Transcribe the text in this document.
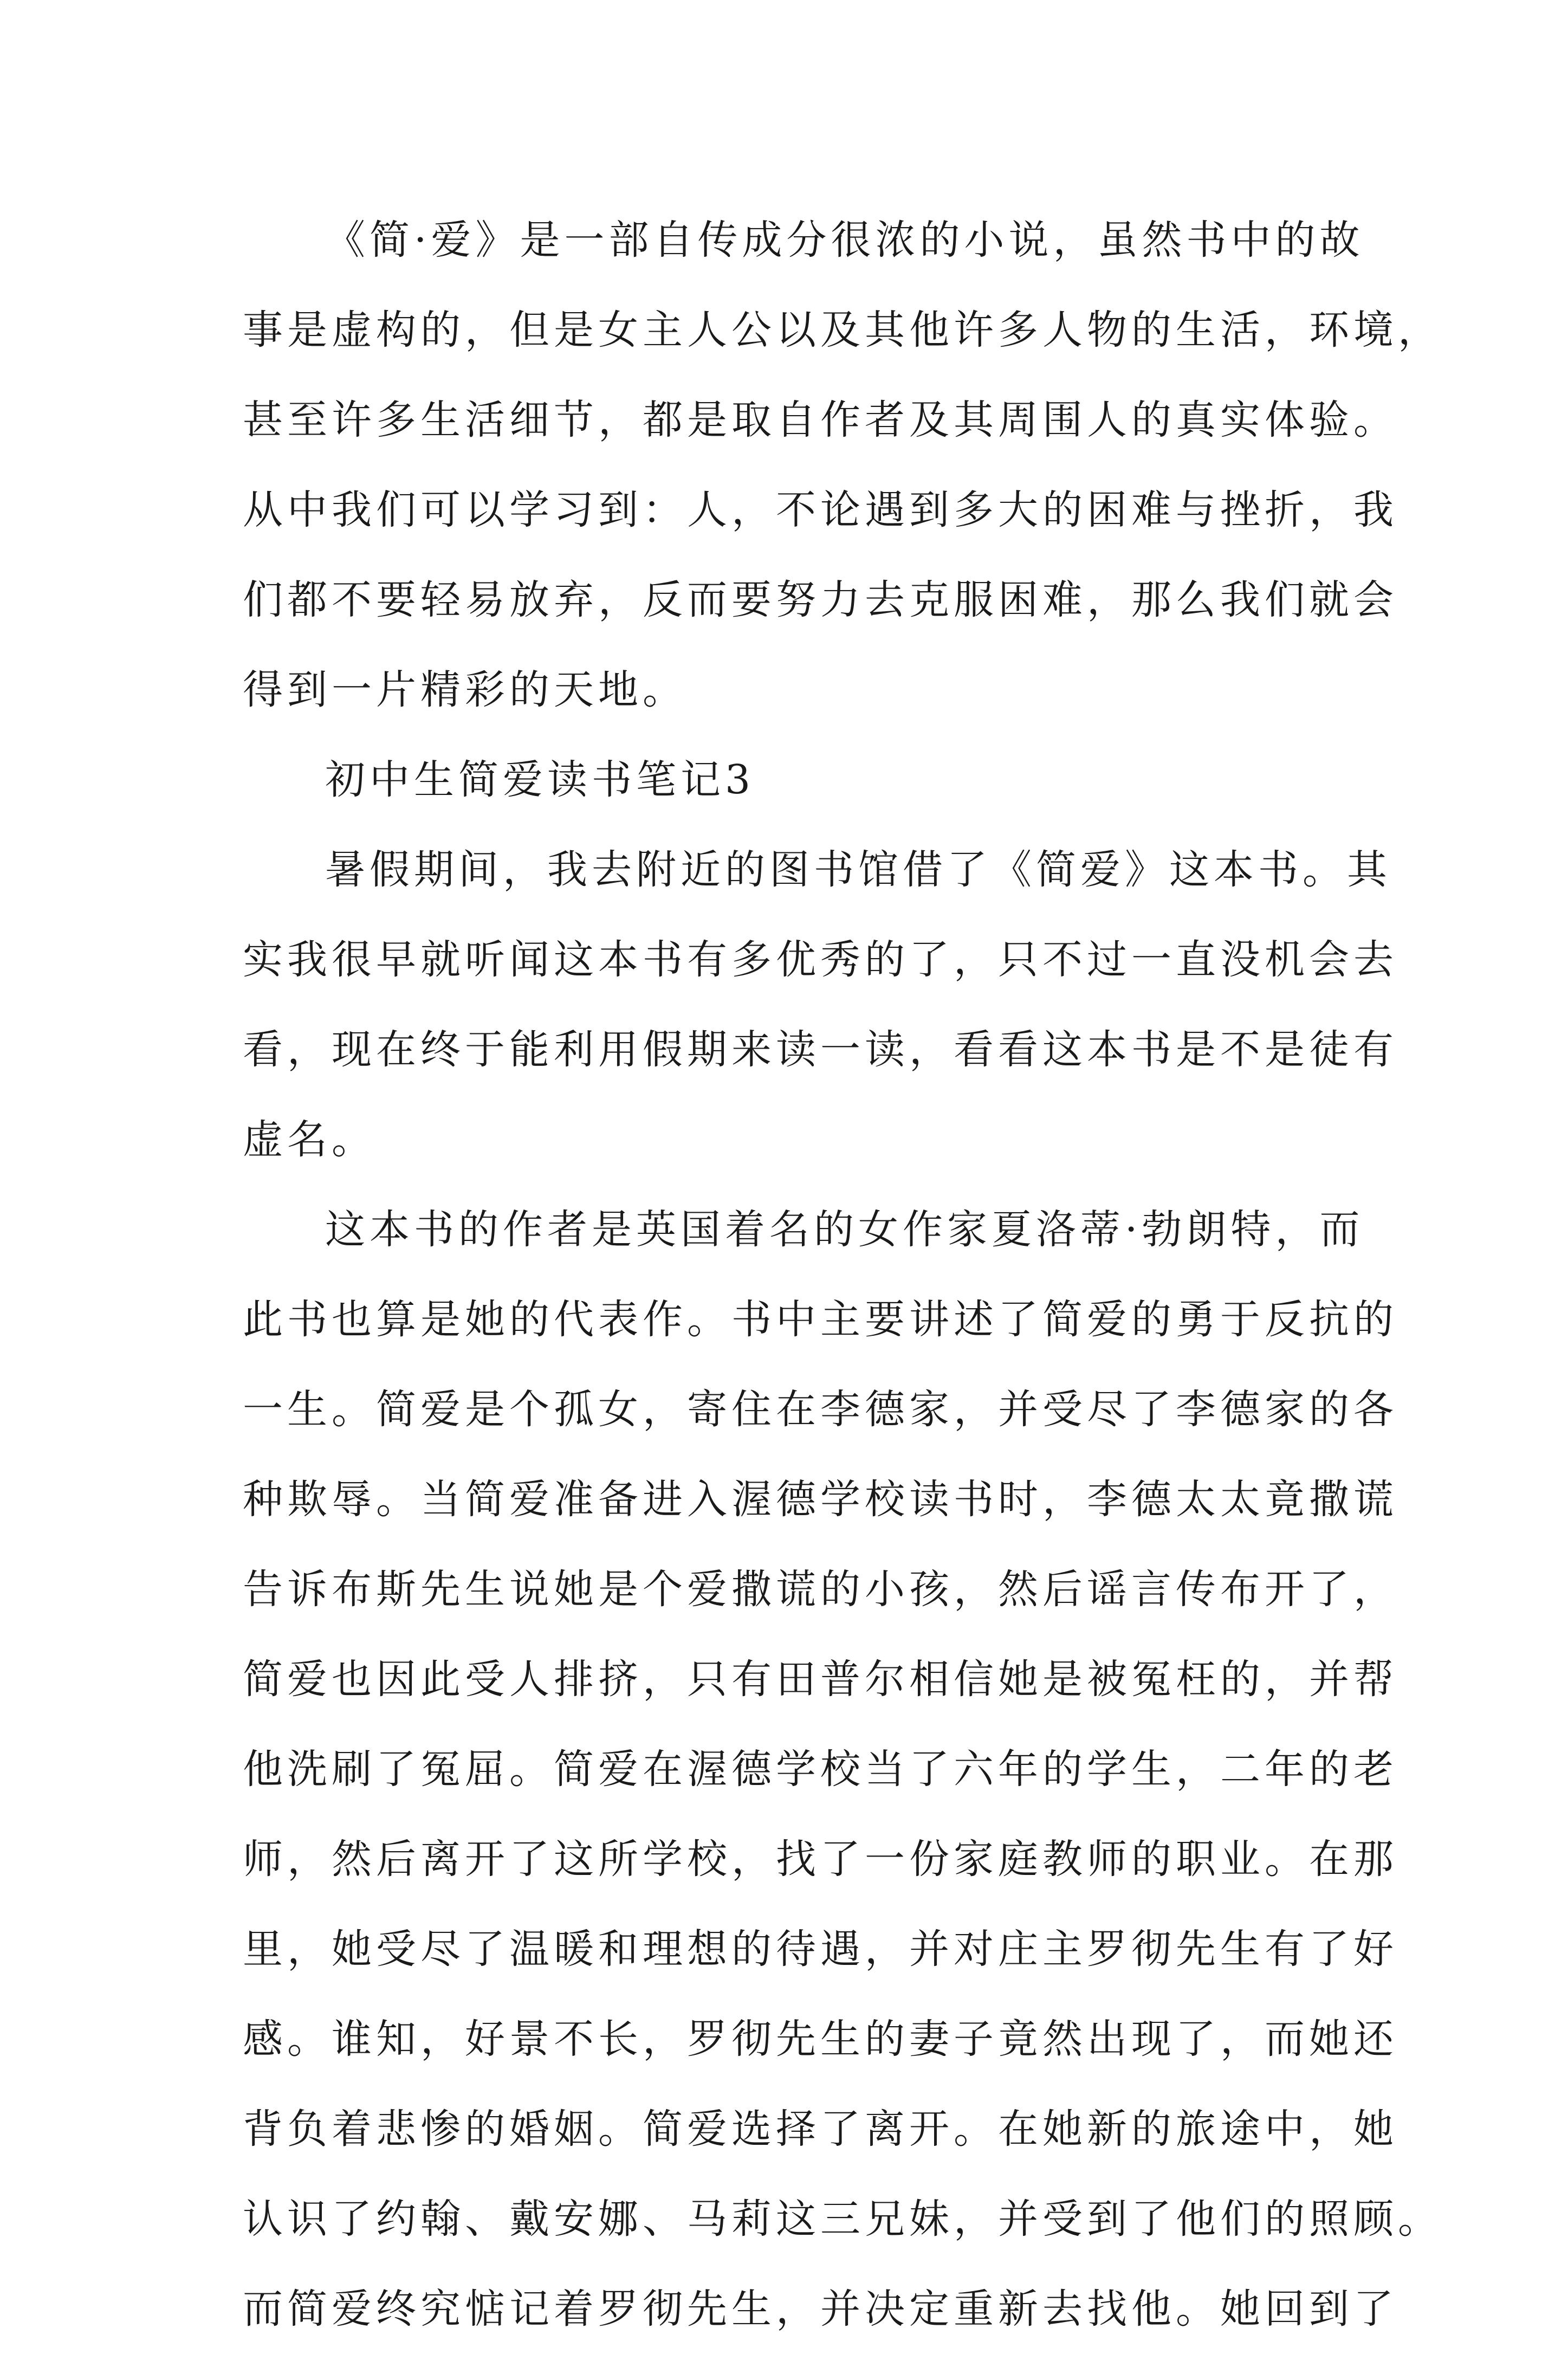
《简·爱》是一部自传成分很浓的小说，虽然书中的故
事是虚构的，但是女主人公以及其他许多人物的生活，环境，
甚至许多生活细节，都是取自作者及其周围人的真实体验。
从中我们可以学习到：人，不论遇到多大的困难与挫折，我
们都不要轻易放弃，反而要努力去克服困难，那么我们就会
得到一片精彩的天地。
初中生简爱读书笔记3
暑假期间，我去附近的图书馆借了《简爱》这本书。其
实我很早就听闻这本书有多优秀的了，只不过一直没机会去
看，现在终于能利用假期来读一读，看看这本书是不是徒有
虚名。
这本书的作者是英国着名的女作家夏洛蒂·勃朗特，而
此书也算是她的代表作。书中主要讲述了简爱的勇于反抗的
一生。简爱是个孤女，寄住在李德家，并受尽了李德家的各
种欺辱。当简爱准备进入渥德学校读书时，李德太太竟撒谎
告诉布斯先生说她是个爱撒谎的小孩，然后谣言传布开了，
简爱也因此受人排挤，只有田普尔相信她是被冤枉的，并帮
他洗刷了冤屈。简爱在渥德学校当了六年的学生，二年的老
师，然后离开了这所学校，找了一份家庭教师的职业。在那
里，她受尽了温暖和理想的待遇，并对庄主罗彻先生有了好
感。谁知，好景不长，罗彻先生的妻子竟然出现了，而她还
背负着悲惨的婚姻。简爱选择了离开。在她新的旅途中，她
认识了约翰、戴安娜、马莉这三兄妹，并受到了他们的照顾。
而简爱终究惦记着罗彻先生，并决定重新去找他。她回到了
